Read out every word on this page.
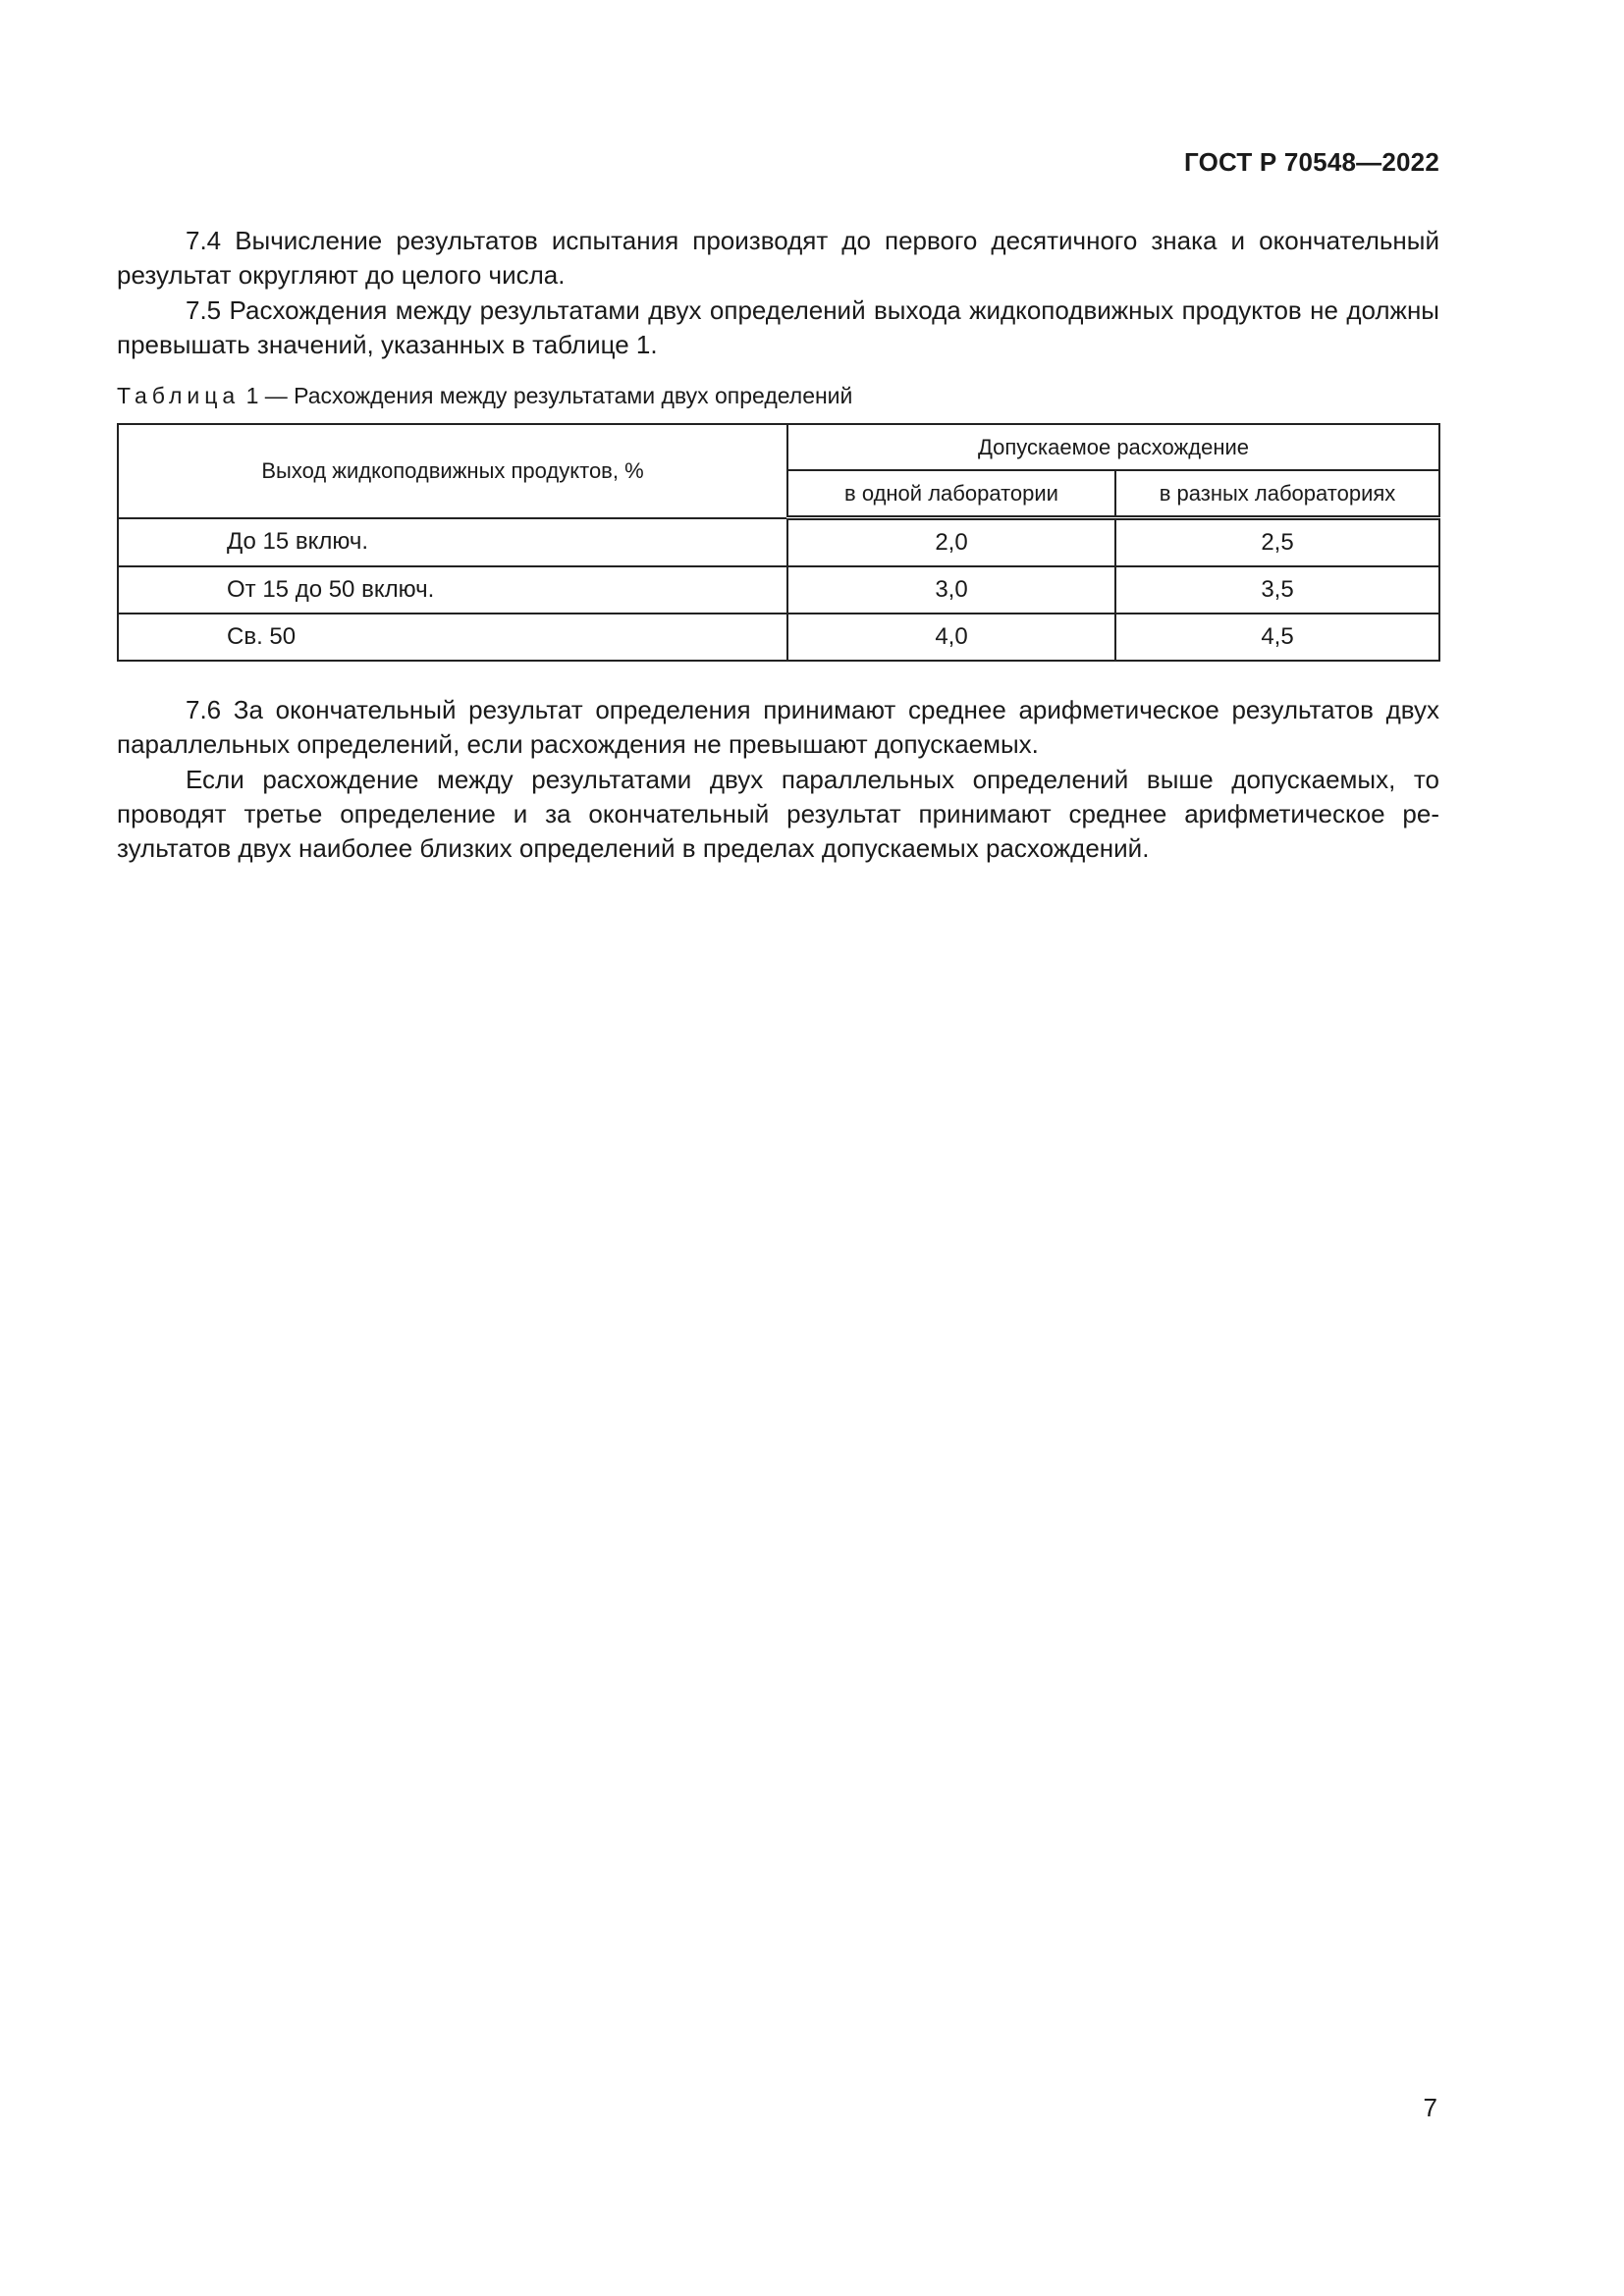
ГОСТ Р 70548—2022

7.4 Вычисление результатов испытания производят до первого десятичного знака и окончательный результат округляют до целого числа.

7.5 Расхождения между результатами двух определений выхода жидкоподвижных продуктов не должны превышать значений, указанных в таблице 1.

Таблица 1 — Расхождения между результатами двух определений
Выход жидкоподвижных продуктов, %	Допускаемое расхождение	
	в одной лаборатории	в разных лабораториях
До 15 включ.	2,0	2,5
От 15 до 50 включ.	3,0	3,5
Св. 50	4,0	4,5

7.6 За окончательный результат определения принимают среднее арифметическое результатов двух параллельных определений, если расхождения не превышают допускаемых.

Если расхождение между результатами двух параллельных определений выше допускаемых, то проводят третье определение и за окончательный результат принимают среднее арифметическое результатов двух наиболее близких определений в пределах допускаемых расхождений.

7
